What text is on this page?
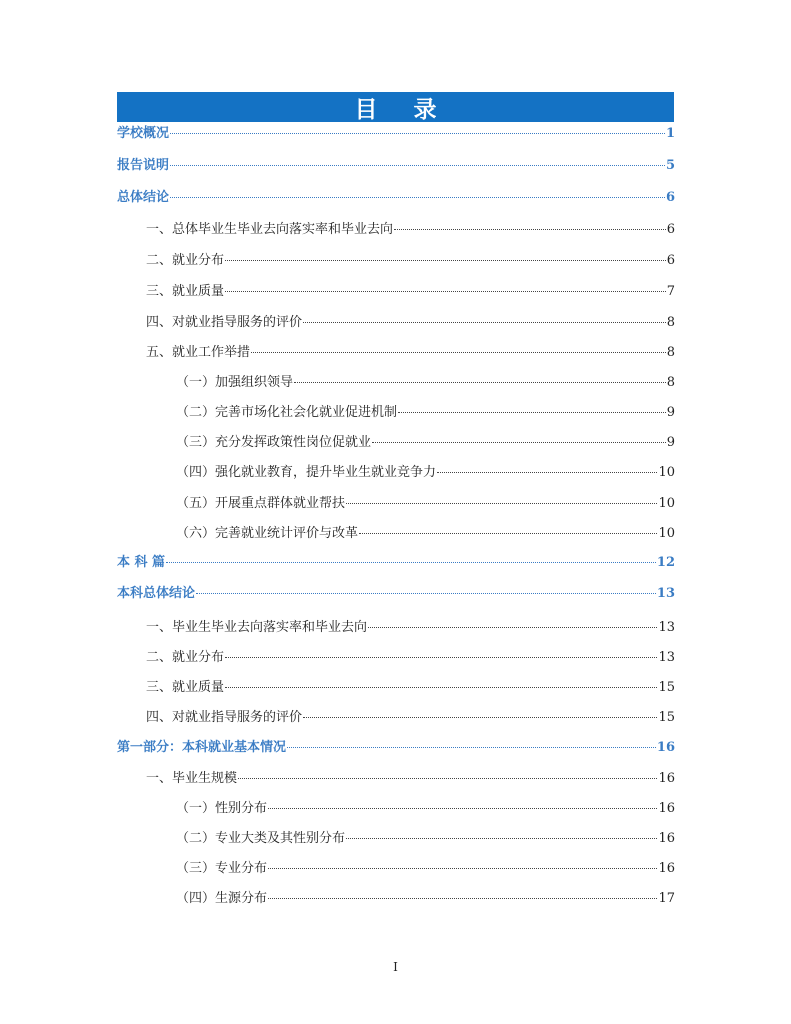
目 录
学校概况	1
报告说明	5
总体结论	6
一、总体毕业生毕业去向落实率和毕业去向	6
二、就业分布	6
三、就业质量	7
四、对就业指导服务的评价	8
五、就业工作举措	8
（一）加强组织领导	8
（二）完善市场化社会化就业促进机制	9
（三）充分发挥政策性岗位促就业	9
（四）强化就业教育，提升毕业生就业竞争力	10
（五）开展重点群体就业帮扶	10
（六）完善就业统计评价与改革	10
本 科 篇	12
本科总体结论	13
一、毕业生毕业去向落实率和毕业去向	13
二、就业分布	13
三、就业质量	15
四、对就业指导服务的评价	15
第一部分：本科就业基本情况	16
一、毕业生规模	16
（一）性别分布	16
（二）专业大类及其性别分布	16
（三）专业分布	16
（四）生源分布	17
I
